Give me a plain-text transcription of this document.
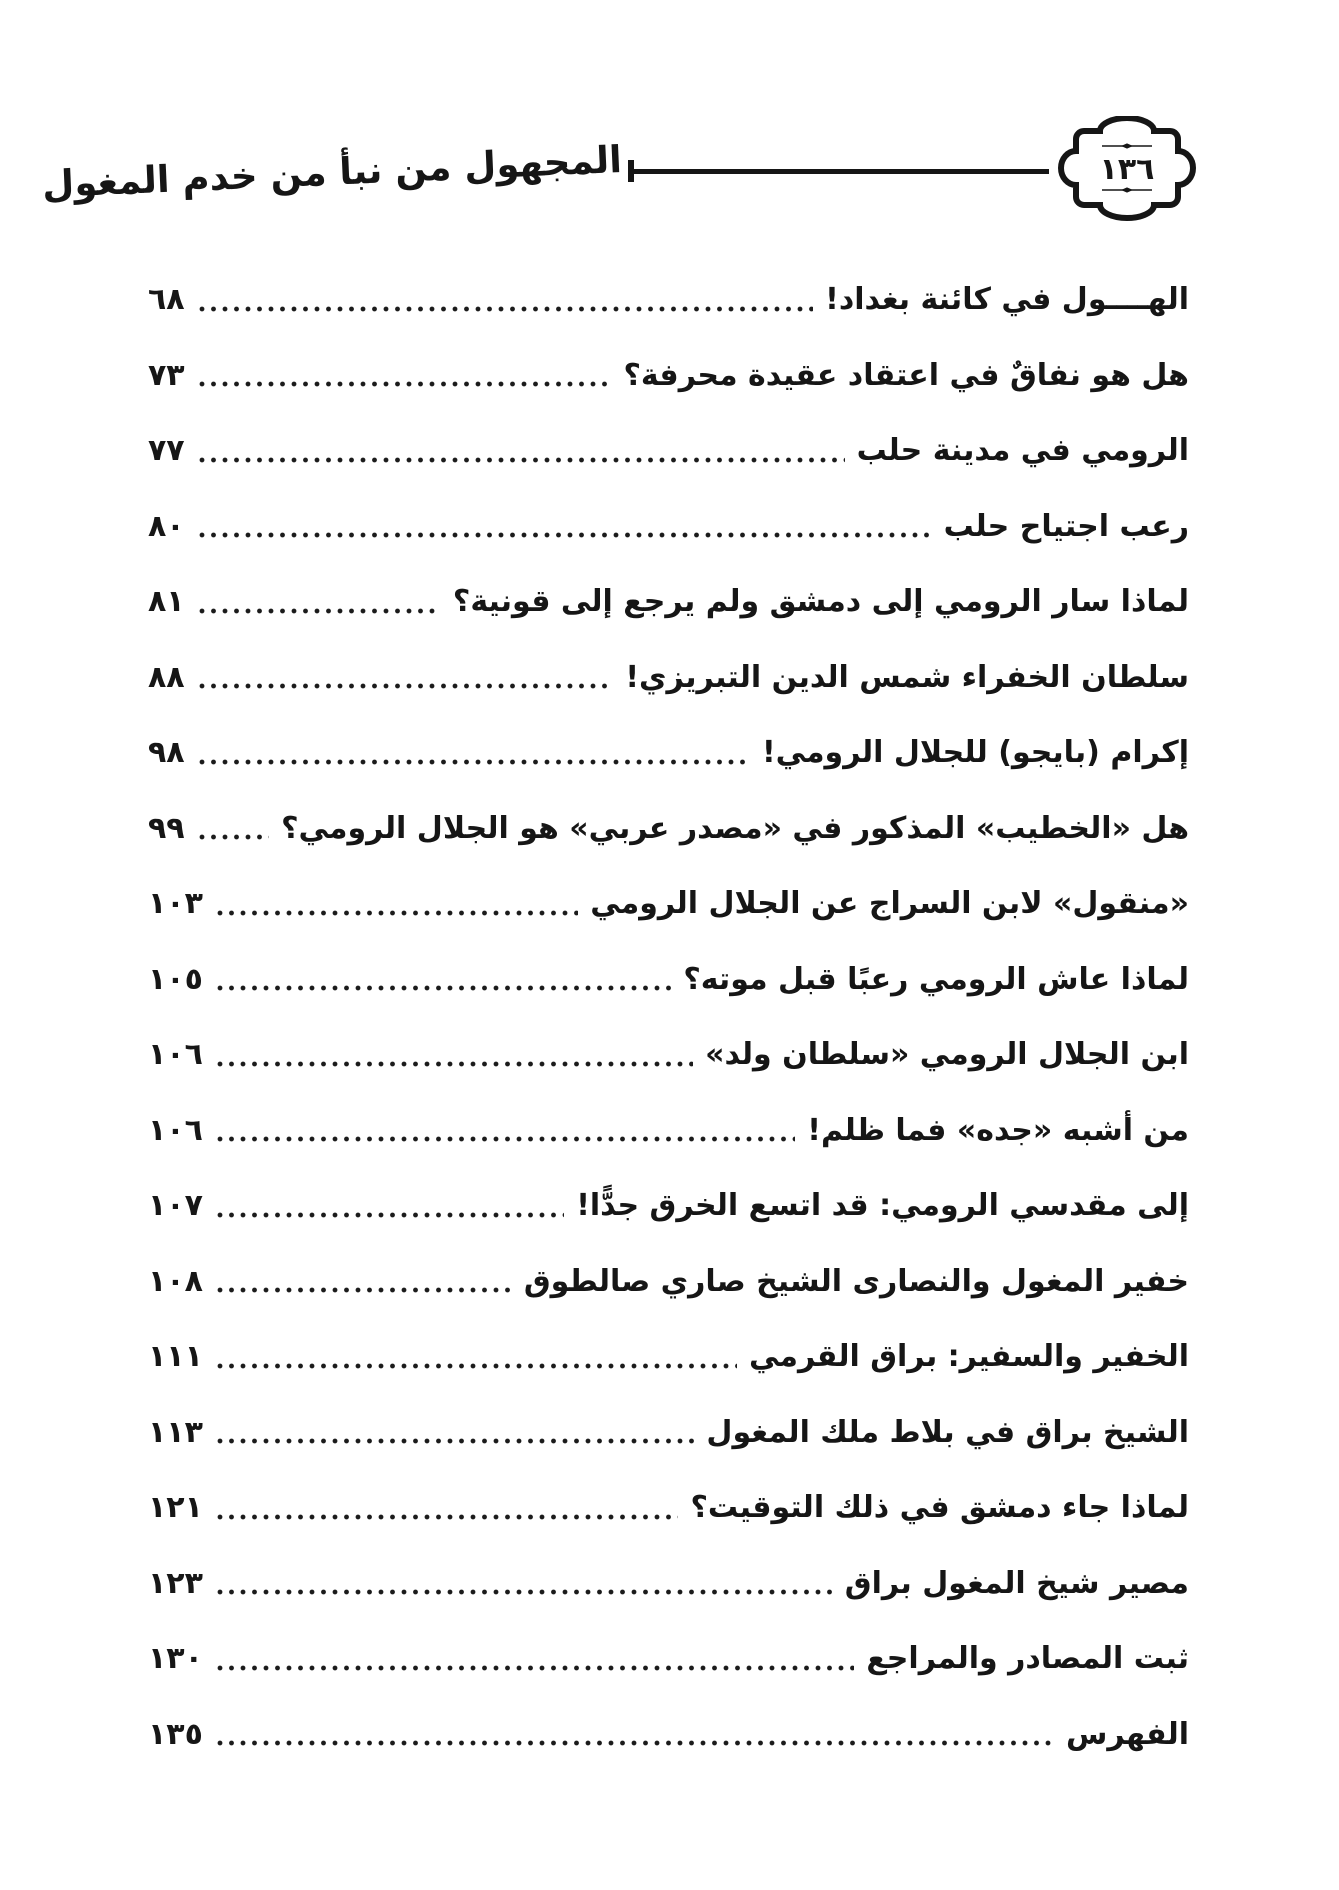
١٣٦
المجهول من نبأ من خدم المغول
الهــــول في كائنة بغداد!
٦٨
هل هو نفاقٌ في اعتقاد عقيدة محرفة؟
٧٣
الرومي في مدينة حلب
٧٧
رعب اجتياح حلب
٨٠
لماذا سار الرومي إلى دمشق ولم يرجع إلى قونية؟
٨١
سلطان الخفراء شمس الدين التبريزي!
٨٨
إكرام (بايجو) للجلال الرومي!
٩٨
هل «الخطيب» المذكور في «مصدر عربي» هو الجلال الرومي؟
٩٩
«منقول» لابن السراج عن الجلال الرومي
١٠٣
لماذا عاش الرومي رعبًا قبل موته؟
١٠٥
ابن الجلال الرومي «سلطان ولد»
١٠٦
من أشبه «جده» فما ظلم!
١٠٦
إلى مقدسي الرومي: قد اتسع الخرق جدًّا!
١٠٧
خفير المغول والنصارى الشيخ صاري صالطوق
١٠٨
الخفير والسفير: براق القرمي
١١١
الشيخ براق في بلاط ملك المغول
١١٣
لماذا جاء دمشق في ذلك التوقيت؟
١٢١
مصير شيخ المغول براق
١٢٣
ثبت المصادر والمراجع
١٣٠
الفهرس
١٣٥
